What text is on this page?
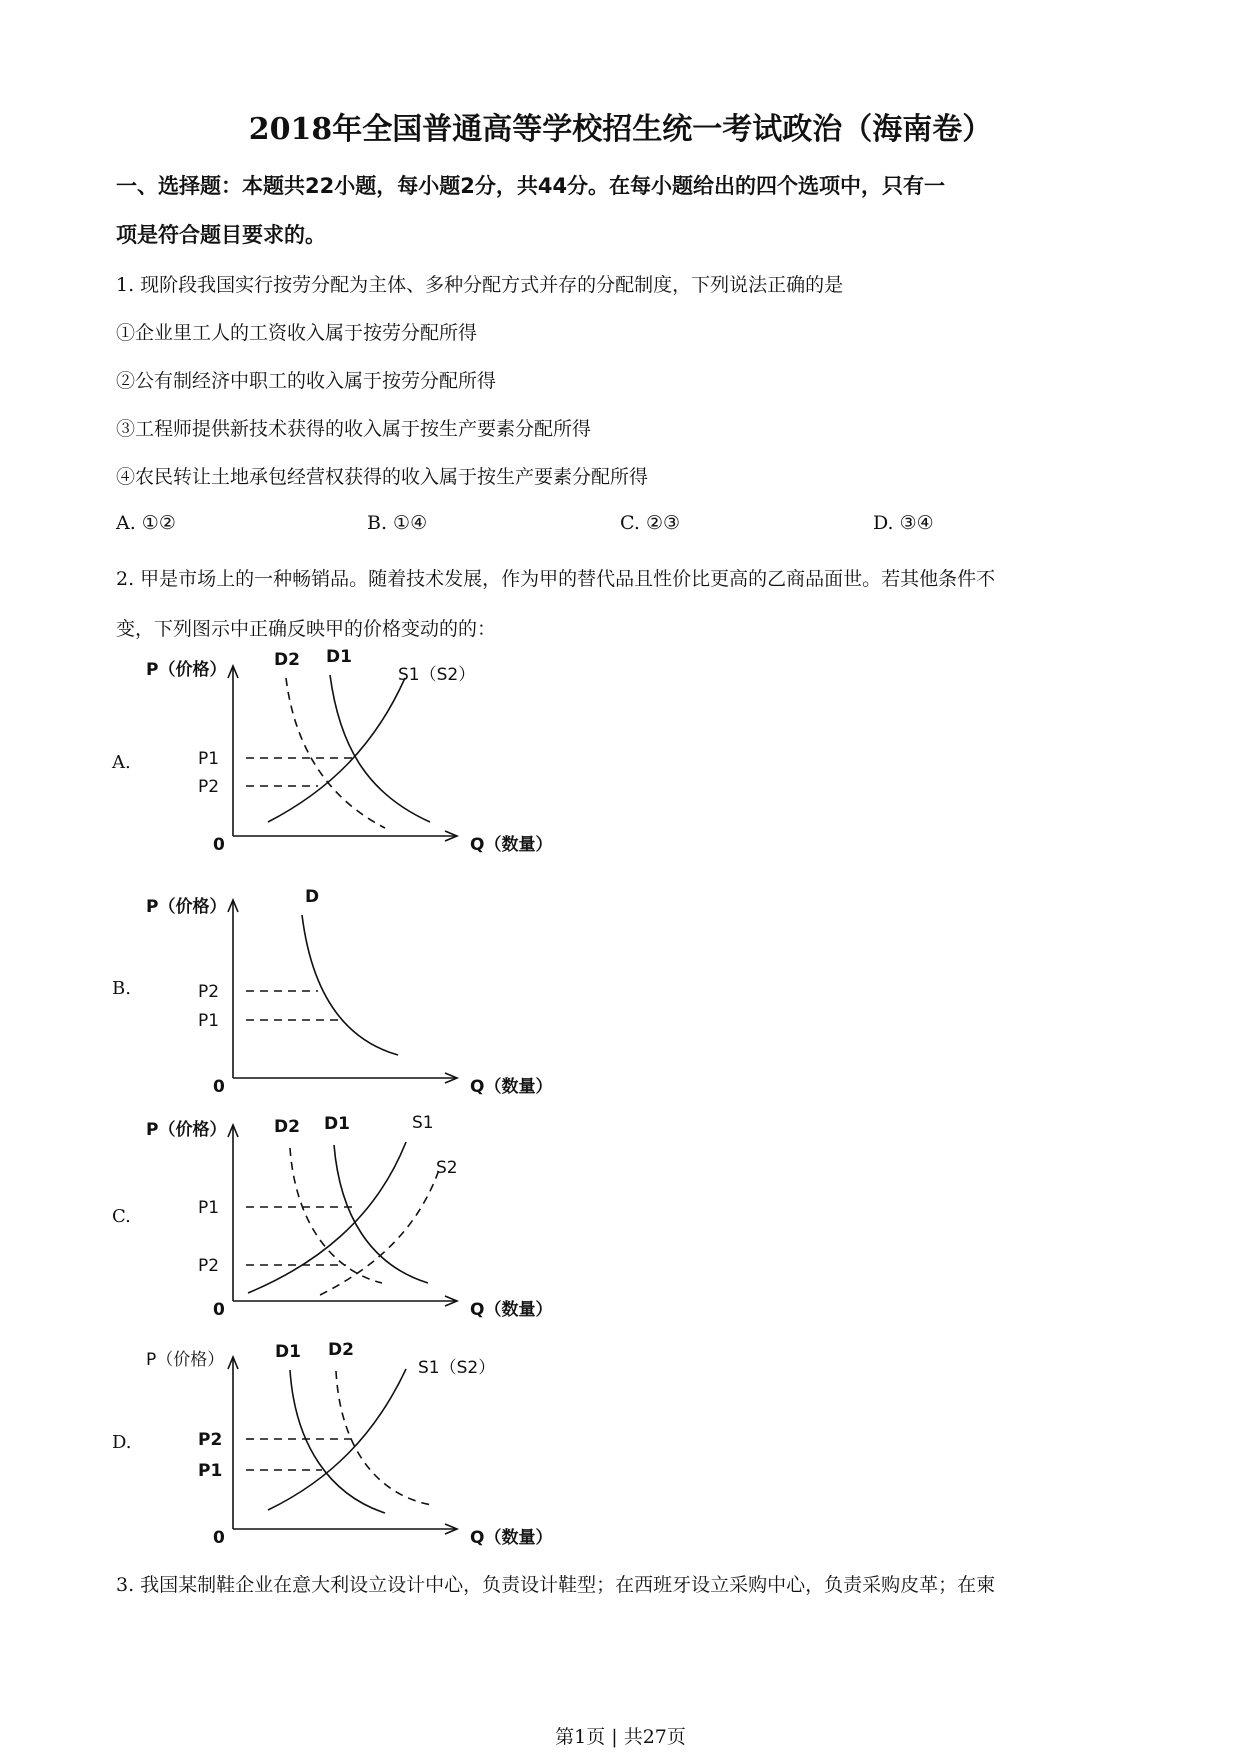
2018年全国普通高等学校招生统一考试政治（海南卷）
一、选择题：本题共22小题，每小题2分，共44分。在每小题给出的四个选项中，只有一
项是符合题目要求的。
1. 现阶段我国实行按劳分配为主体、多种分配方式并存的分配制度，下列说法正确的是
①企业里工人的工资收入属于按劳分配所得
②公有制经济中职工的收入属于按劳分配所得
③工程师提供新技术获得的收入属于按生产要素分配所得
④农民转让土地承包经营权获得的收入属于按生产要素分配所得
A. ①②	B. ①④	C. ②③	D. ③④
2. 甲是市场上的一种畅销品。随着技术发展，作为甲的替代品且性价比更高的乙商品面世。若其他条件不
变，下列图示中正确反映甲的价格变动的的：
A.
P（价格）	D2 D1
S1（S2）
P1
P2
0	Q（数量）
B.
P（价格）	D
P2
P1
0	Q（数量）
C.
P（价格）	D2 D1	S1
S2
P1
P2
0	Q（数量）
D.
P（价格）	D1 D2
S1（S2）
P2
P1
0	Q（数量）
3. 我国某制鞋企业在意大利设立设计中心，负责设计鞋型；在西班牙设立采购中心，负责采购皮革；在柬
第1页 | 共27页
